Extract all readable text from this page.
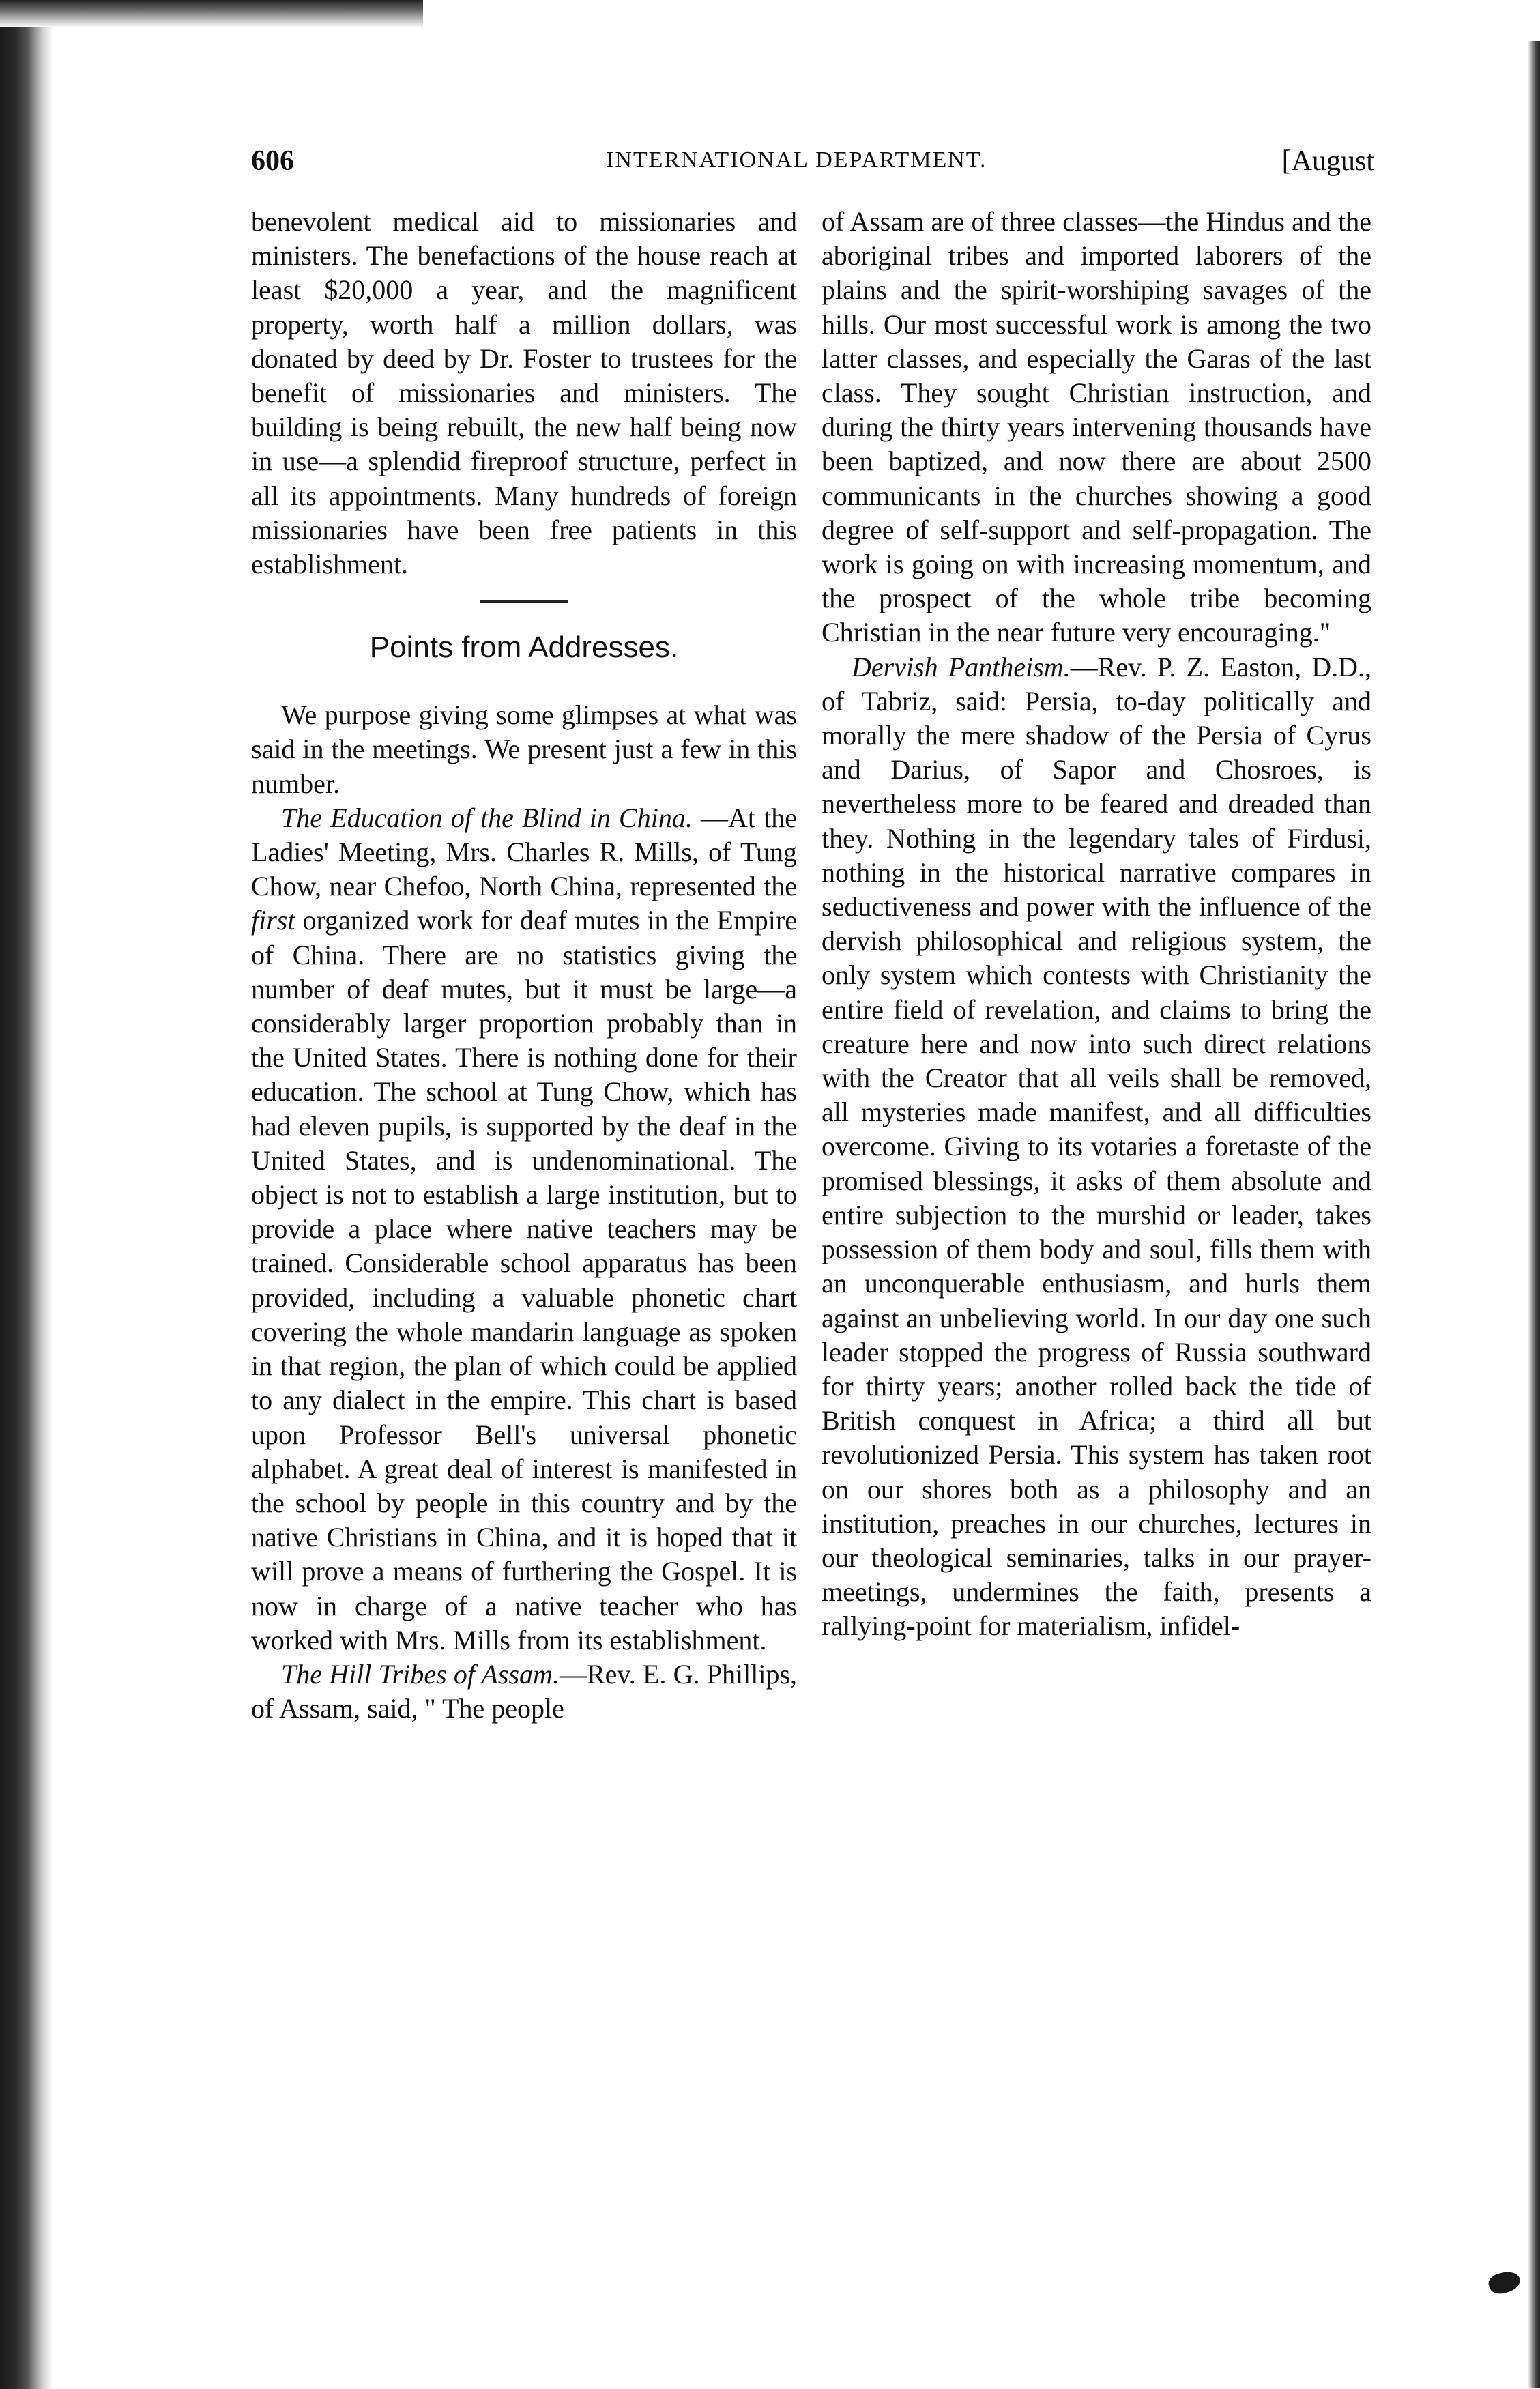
606	INTERNATIONAL DEPARTMENT.	[August

benevolent medical aid to missionaries and ministers. The benefactions of the house reach at least $20,000 a year, and the magnificent property, worth half a million dollars, was donated by deed by Dr. Foster to trustees for the benefit of missionaries and ministers. The building is being rebuilt, the new half being now in use—a splendid fireproof structure, perfect in all its appointments. Many hundreds of foreign missionaries have been free patients in this establishment.

Points from Addresses.

We purpose giving some glimpses at what was said in the meetings. We present just a few in this number.

The Education of the Blind in China. —At the Ladies' Meeting, Mrs. Charles R. Mills, of Tung Chow, near Chefoo, North China, represented the first organized work for deaf mutes in the Empire of China. There are no statistics giving the number of deaf mutes, but it must be large—a considerably larger proportion probably than in the United States. There is nothing done for their education. The school at Tung Chow, which has had eleven pupils, is supported by the deaf in the United States, and is undenominational. The object is not to establish a large institution, but to provide a place where native teachers may be trained. Considerable school apparatus has been provided, including a valuable phonetic chart covering the whole mandarin language as spoken in that region, the plan of which could be applied to any dialect in the empire. This chart is based upon Professor Bell's universal phonetic alphabet. A great deal of interest is manifested in the school by people in this country and by the native Christians in China, and it is hoped that it will prove a means of furthering the Gospel. It is now in charge of a native teacher who has worked with Mrs. Mills from its establishment.

The Hill Tribes of Assam.—Rev. E. G. Phillips, of Assam, said, " The people

of Assam are of three classes—the Hindus and the aboriginal tribes and imported laborers of the plains and the spirit-worshiping savages of the hills. Our most successful work is among the two latter classes, and especially the Garas of the last class. They sought Christian instruction, and during the thirty years intervening thousands have been baptized, and now there are about 2500 communicants in the churches showing a good degree of self-support and self-propagation. The work is going on with increasing momentum, and the prospect of the whole tribe becoming Christian in the near future very encouraging."

Dervish Pantheism.—Rev. P. Z. Easton, D.D., of Tabriz, said: Persia, to-day politically and morally the mere shadow of the Persia of Cyrus and Darius, of Sapor and Chosroes, is nevertheless more to be feared and dreaded than they. Nothing in the legendary tales of Firdusi, nothing in the historical narrative compares in seductiveness and power with the influence of the dervish philosophical and religious system, the only system which contests with Christianity the entire field of revelation, and claims to bring the creature here and now into such direct relations with the Creator that all veils shall be removed, all mysteries made manifest, and all difficulties overcome. Giving to its votaries a foretaste of the promised blessings, it asks of them absolute and entire subjection to the murshid or leader, takes possession of them body and soul, fills them with an unconquerable enthusiasm, and hurls them against an unbelieving world. In our day one such leader stopped the progress of Russia southward for thirty years; another rolled back the tide of British conquest in Africa; a third all but revolutionized Persia. This system has taken root on our shores both as a philosophy and an institution, preaches in our churches, lectures in our theological seminaries, talks in our prayer-meetings, undermines the faith, presents a rallying-point for materialism, infidel-
